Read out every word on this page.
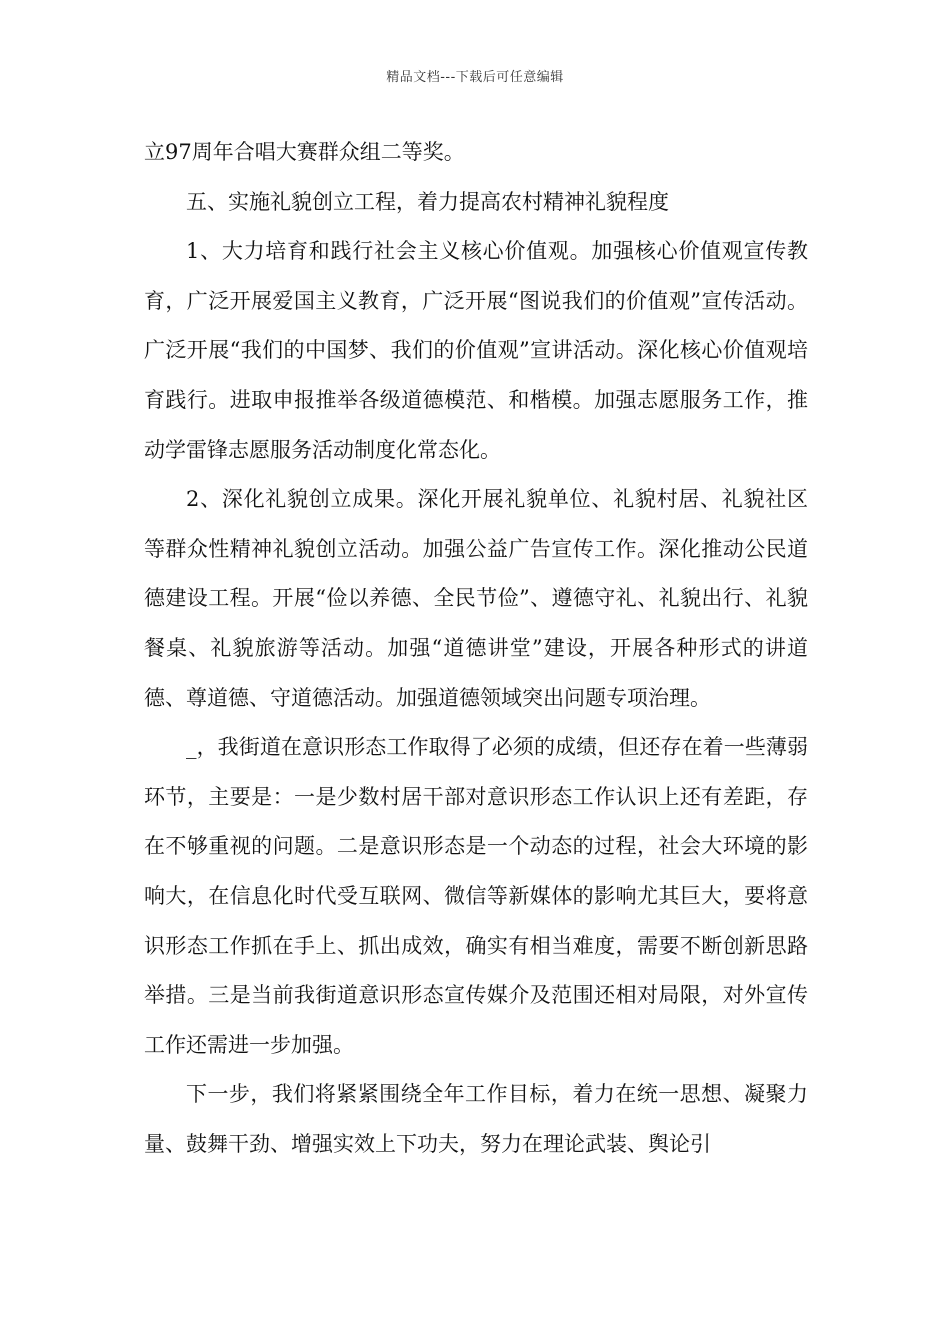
精品文档---下载后可任意编辑

立97周年合唱大赛群众组二等奖。

五、实施礼貌创立工程，着力提高农村精神礼貌程度

1、大力培育和践行社会主义核心价值观。加强核心价值观宣传教育，广泛开展爱国主义教育，广泛开展“图说我们的价值观”宣传活动。广泛开展“我们的中国梦、我们的价值观”宣讲活动。深化核心价值观培育践行。进取申报推举各级道德模范、和楷模。加强志愿服务工作，推动学雷锋志愿服务活动制度化常态化。

2、深化礼貌创立成果。深化开展礼貌单位、礼貌村居、礼貌社区等群众性精神礼貌创立活动。加强公益广告宣传工作。深化推动公民道德建设工程。开展“俭以养德、全民节俭”、遵德守礼、礼貌出行、礼貌餐桌、礼貌旅游等活动。加强“道德讲堂”建设，开展各种形式的讲道德、尊道德、守道德活动。加强道德领域突出问题专项治理。

_，我街道在意识形态工作取得了必须的成绩，但还存在着一些薄弱环节，主要是：一是少数村居干部对意识形态工作认识上还有差距，存在不够重视的问题。二是意识形态是一个动态的过程，社会大环境的影响大，在信息化时代受互联网、微信等新媒体的影响尤其巨大，要将意识形态工作抓在手上、抓出成效，确实有相当难度，需要不断创新思路举措。三是当前我街道意识形态宣传媒介及范围还相对局限，对外宣传工作还需进一步加强。

下一步，我们将紧紧围绕全年工作目标，着力在统一思想、凝聚力量、鼓舞干劲、增强实效上下功夫，努力在理论武装、舆论引
